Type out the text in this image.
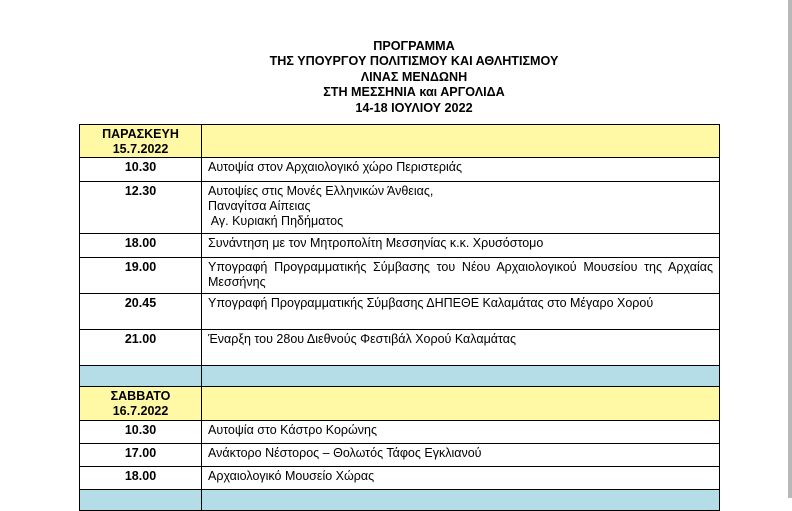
ΠΡΟΓΡΑΜΜΑ
ΤΗΣ ΥΠΟΥΡΓΟΥ ΠΟΛΙΤΙΣΜΟΥ ΚΑΙ ΑΘΛΗΤΙΣΜΟΥ
ΛΙΝΑΣ ΜΕΝΔΩΝΗ
ΣΤΗ ΜΕΣΣΗΝΙΑ και ΑΡΓΟΛΙΔΑ
14-18 ΙΟΥΛΙΟΥ 2022
ΠΑΡΑΣΚΕΥΗ
15.7.2022	

10.30	Αυτοψία στον Αρχαιολογικό χώρο Περιστεριάς
12.30	Αυτοψίες στις Μονές Ελληνικών Άνθειας,
Παναγίτσα Αίπειας
Αγ. Κυριακή Πηδήματος

18.00	Συνάντηση με τον Μητροπολίτη Μεσσηνίας κ.κ. Χρυσόστομο
19.00	Υπογραφή Προγραμματικής Σύμβασης του Νέου Αρχαιολογικού Μουσείου της Αρχαίας Μεσσήνης
20.45	Υπογραφή Προγραμματικής Σύμβασης ΔΗΠΕΘΕ Καλαμάτας στο Μέγαρο Χορού
21.00	Έναρξη του 28ου Διεθνούς Φεστιβάλ Χορού Καλαμάτας

ΣΑΒΒΑΤΟ
16.7.2022	

10.30	Αυτοψία στο Κάστρο Κορώνης
17.00	Ανάκτορο Νέστορος – Θολωτός Τάφος Εγκλιανού
18.00	Αρχαιολογικό Μουσείο Χώρας
